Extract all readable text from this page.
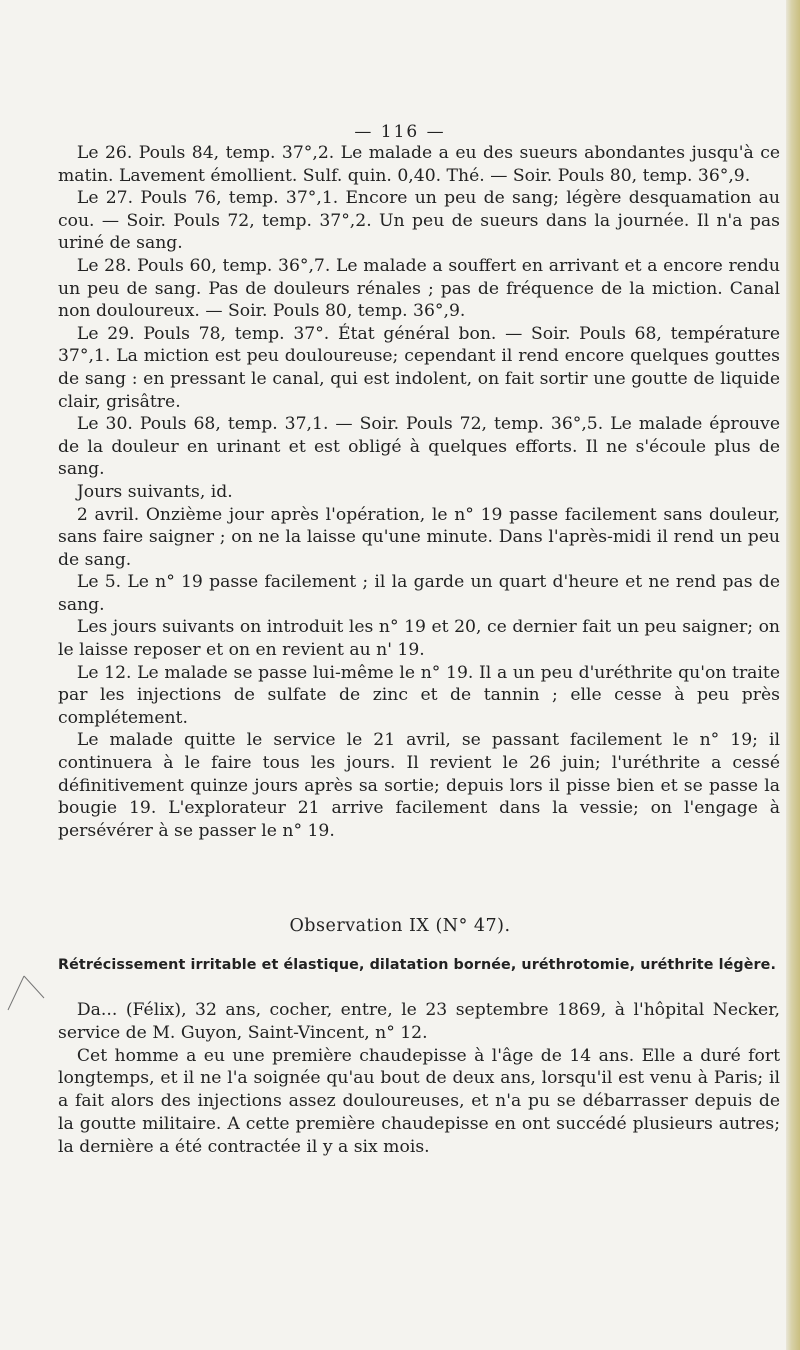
— 116 —

Le 26. Pouls 84, temp. 37°,2. Le malade a eu des sueurs abondantes jusqu'à ce matin. Lavement émollient. Sulf. quin. 0,40. Thé. — Soir. Pouls 80, temp. 36°,9.

Le 27. Pouls 76, temp. 37°,1. Encore un peu de sang; légère desquamation au cou. — Soir. Pouls 72, temp. 37°,2. Un peu de sueurs dans la journée. Il n'a pas uriné de sang.

Le 28. Pouls 60, temp. 36°,7. Le malade a souffert en arrivant et a encore rendu un peu de sang. Pas de douleurs rénales ; pas de fréquence de la miction. Canal non douloureux. — Soir. Pouls 80, temp. 36°,9.

Le 29. Pouls 78, temp. 37°. État général bon. — Soir. Pouls 68, température 37°,1. La miction est peu douloureuse; cependant il rend encore quelques gouttes de sang : en pressant le canal, qui est indolent, on fait sortir une goutte de liquide clair, grisâtre.

Le 30. Pouls 68, temp. 37,1. — Soir. Pouls 72, temp. 36°,5. Le malade éprouve de la douleur en urinant et est obligé à quelques efforts. Il ne s'écoule plus de sang.

Jours suivants, id.

2 avril. Onzième jour après l'opération, le n° 19 passe facilement sans douleur, sans faire saigner ; on ne la laisse qu'une minute. Dans l'après-midi il rend un peu de sang.

Le 5. Le n° 19 passe facilement ; il la garde un quart d'heure et ne rend pas de sang.

Les jours suivants on introduit les n° 19 et 20, ce dernier fait un peu saigner; on le laisse reposer et on en revient au n' 19.

Le 12. Le malade se passe lui-même le n° 19. Il a un peu d'uréthrite qu'on traite par les injections de sulfate de zinc et de tannin ; elle cesse à peu près complétement.

Le malade quitte le service le 21 avril, se passant facilement le n° 19; il continuera à le faire tous les jours. Il revient le 26 juin; l'uréthrite a cessé définitivement quinze jours après sa sortie; depuis lors il pisse bien et se passe la bougie 19. L'explorateur 21 arrive facilement dans la vessie; on l'engage à persévérer à se passer le n° 19.

Observation IX (N° 47).
Rétrécissement irritable et élastique, dilatation bornée, uréthrotomie, uréthrite légère.

Da... (Félix), 32 ans, cocher, entre, le 23 septembre 1869, à l'hôpital Necker, service de M. Guyon, Saint-Vincent, n° 12.

Cet homme a eu une première chaudepisse à l'âge de 14 ans. Elle a duré fort longtemps, et il ne l'a soignée qu'au bout de deux ans, lorsqu'il est venu à Paris; il a fait alors des injections assez douloureuses, et n'a pu se débarrasser depuis de la goutte militaire. A cette première chaudepisse en ont succédé plusieurs autres; la dernière a été contractée il y a six mois.
